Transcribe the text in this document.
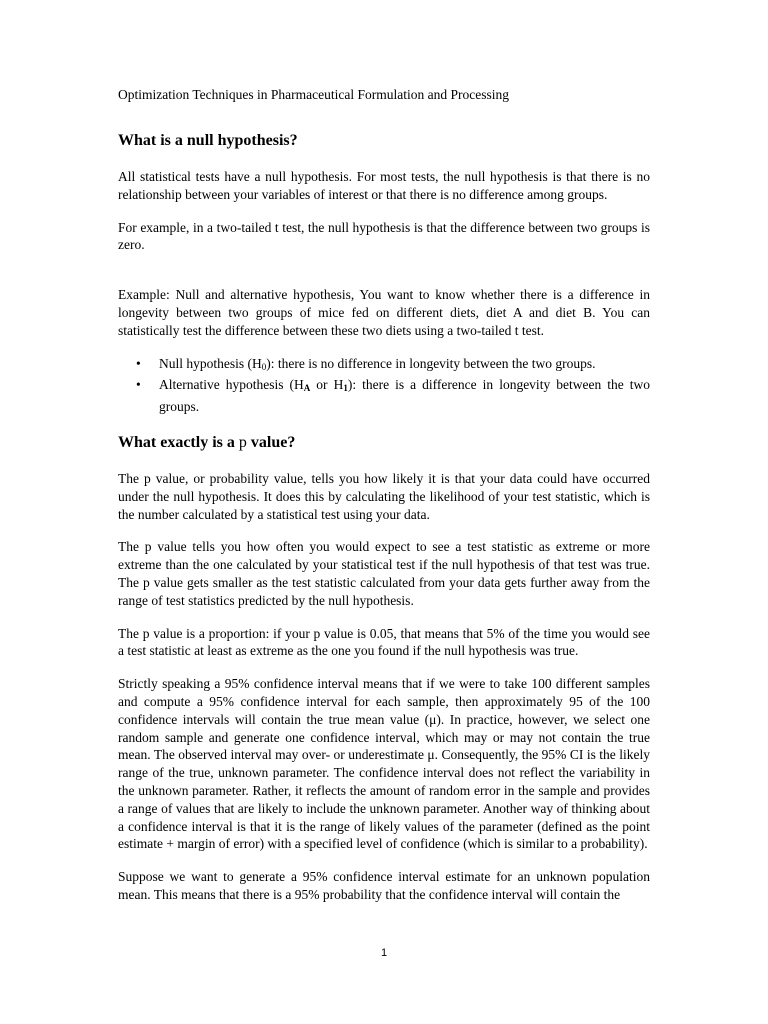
Optimization Techniques in Pharmaceutical Formulation and Processing
What is a null hypothesis?

All statistical tests have a null hypothesis. For most tests, the null hypothesis is that there is no relationship between your variables of interest or that there is no difference among groups.

For example, in a two-tailed t test, the null hypothesis is that the difference between two groups is zero.

Example: Null and alternative hypothesis, You want to know whether there is a difference in longevity between two groups of mice fed on different diets, diet A and diet B. You can statistically test the difference between these two diets using a two-tailed t test.

• Null hypothesis $(H_0)$: there is no difference in longevity between the two groups.
• Alternative hypothesis (HA or H1): there is a difference in longevity between the two groups.
What exactly is a p value?

The p value, or probability value, tells you how likely it is that your data could have occurred under the null hypothesis. It does this by calculating the likelihood of your test statistic, which is the number calculated by a statistical test using your data.

The p value tells you how often you would expect to see a test statistic as extreme or more extreme than the one calculated by your statistical test if the null hypothesis of that test was true. The p value gets smaller as the test statistic calculated from your data gets further away from the range of test statistics predicted by the null hypothesis.

The p value is a proportion: if your p value is 0.05, that means that 5% of the time you would see a test statistic at least as extreme as the one you found if the null hypothesis was true.

Strictly speaking a 95% confidence interval means that if we were to take 100 different samples and compute a 95% confidence interval for each sample, then approximately 95 of the 100 confidence intervals will contain the true mean value (μ). In practice, however, we select one random sample and generate one confidence interval, which may or may not contain the true mean. The observed interval may over- or underestimate μ. Consequently, the 95% CI is the likely range of the true, unknown parameter. The confidence interval does not reflect the variability in the unknown parameter. Rather, it reflects the amount of random error in the sample and provides a range of values that are likely to include the unknown parameter. Another way of thinking about a confidence interval is that it is the range of likely values of the parameter (defined as the point estimate + margin of error) with a specified level of confidence (which is similar to a probability).

Suppose we want to generate a 95% confidence interval estimate for an unknown population mean. This means that there is a 95% probability that the confidence interval will contain the

1
